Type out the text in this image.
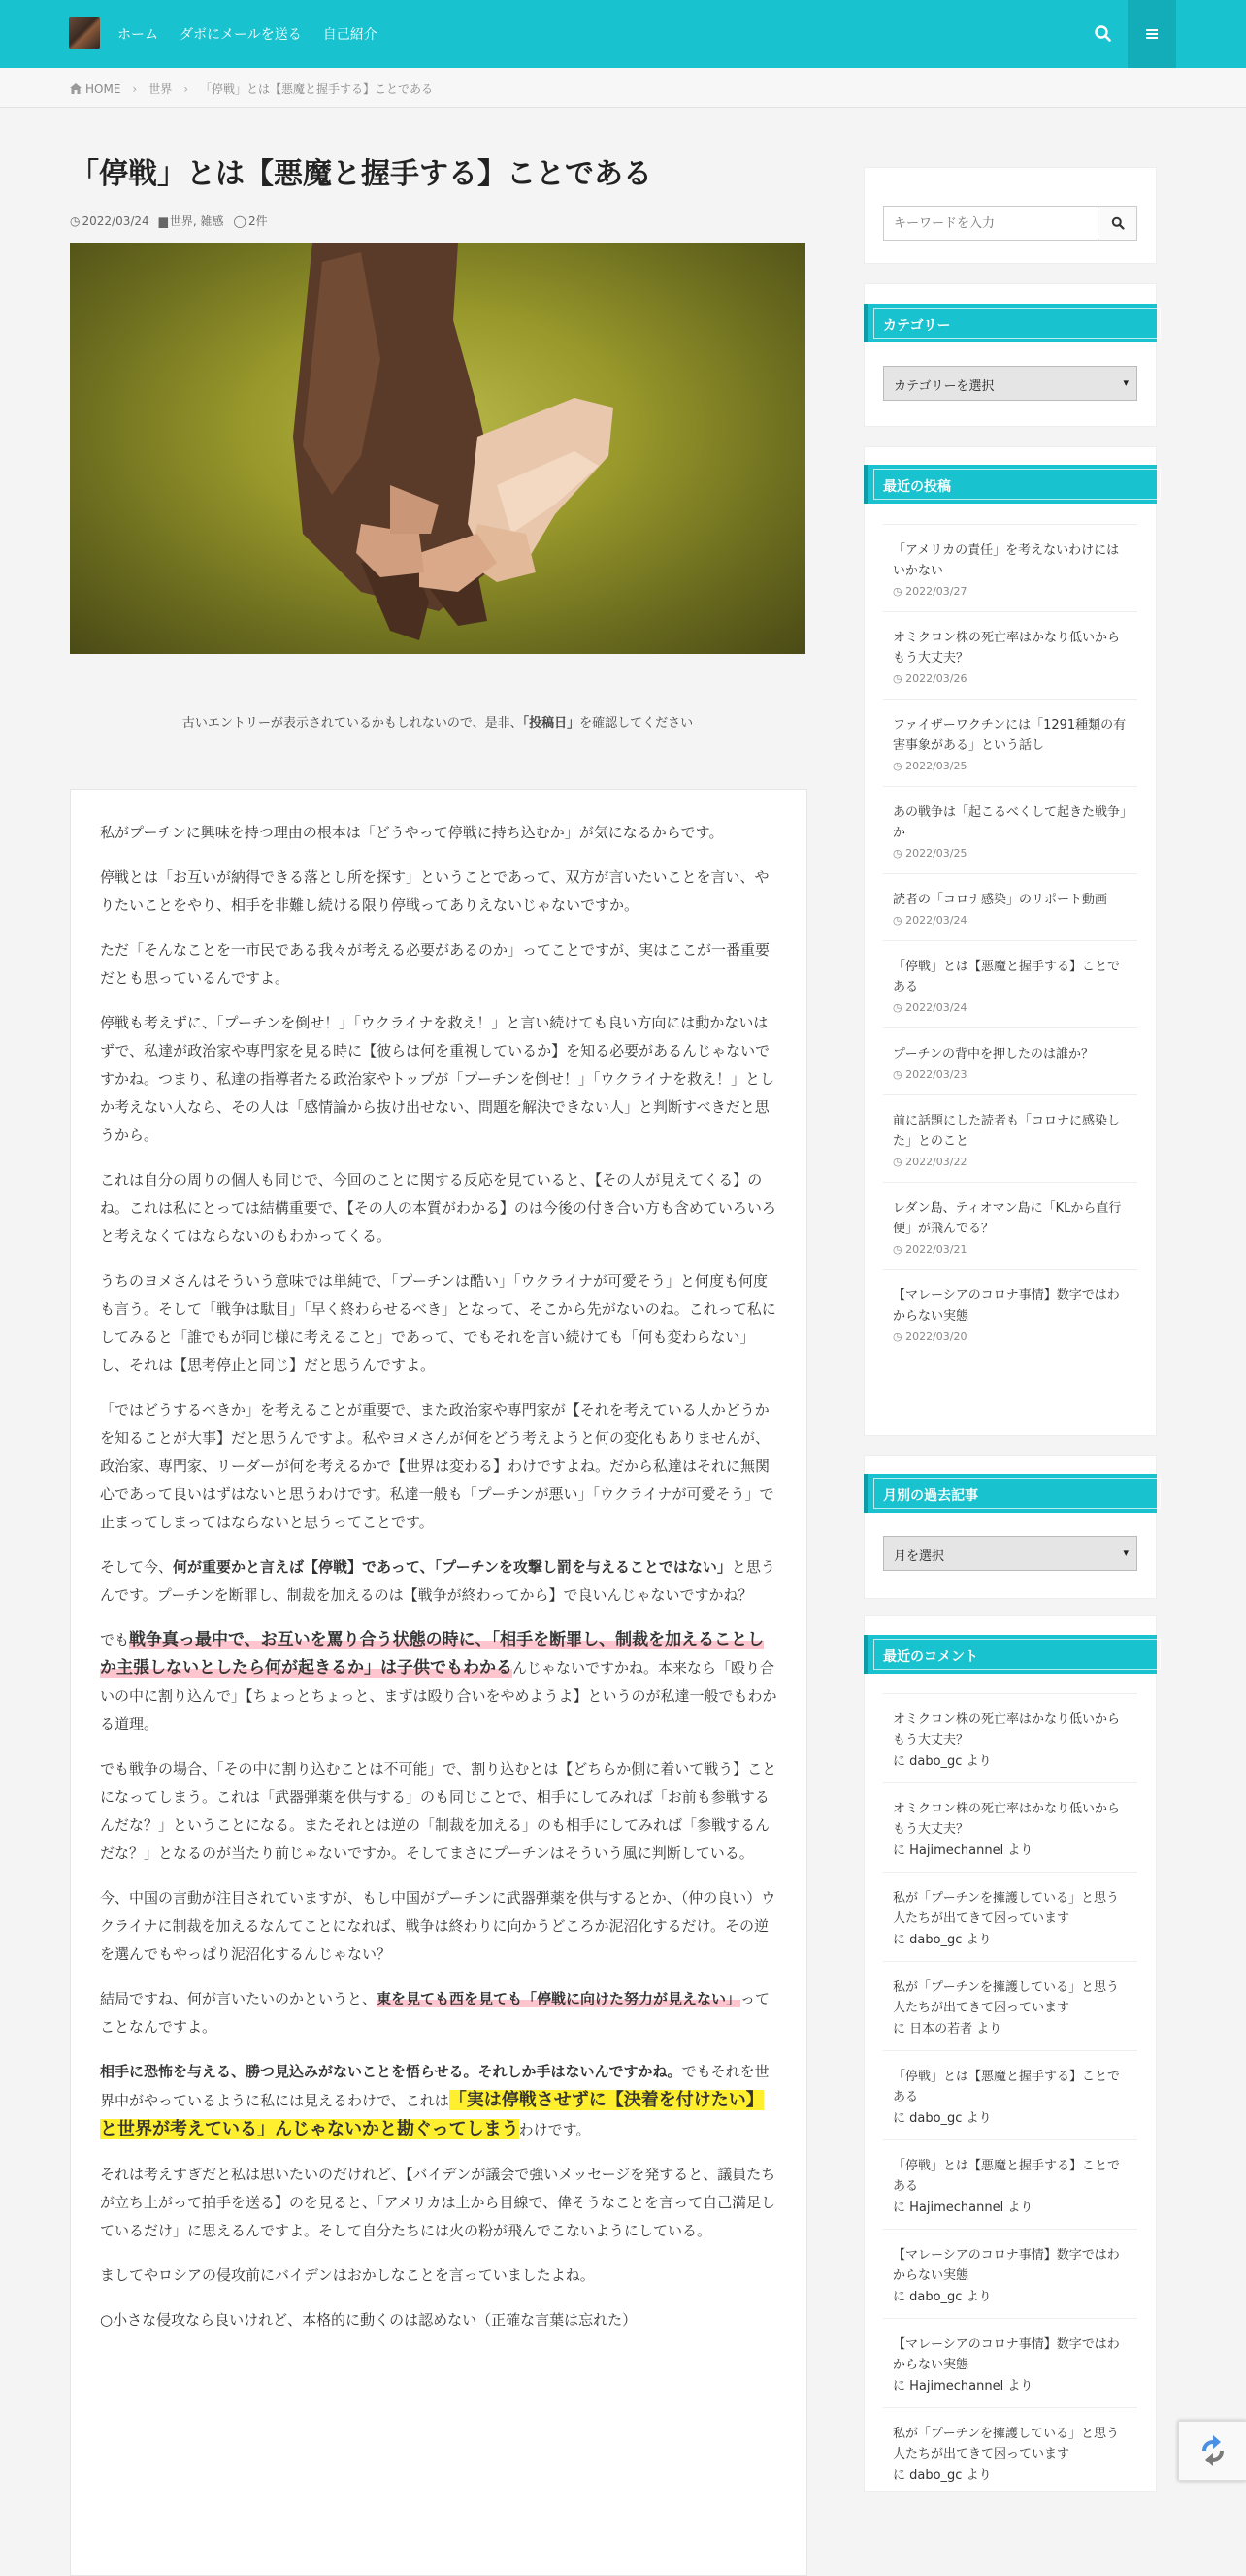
ホーム ダボにメールを送る 自己紹介
HOME › 世界 › 「停戦」とは【悪魔と握手する】ことである
「停戦」とは【悪魔と握手する】ことである
◷ 2022/03/24 ▆ 世界, 雑感 ◯ 2件
古いエントリーが表示されているかもしれないので、是非、「投稿日」を確認してください

私がプーチンに興味を持つ理由の根本は「どうやって停戦に持ち込むか」が気になるからです。

停戦とは「お互いが納得できる落とし所を探す」ということであって、双方が言いたいことを言い、やりたいことをやり、相手を非難し続ける限り停戦ってありえないじゃないですか。

ただ「そんなことを一市民である我々が考える必要があるのか」ってことですが、実はここが一番重要だとも思っているんですよ。

停戦も考えずに、「プーチンを倒せ！」「ウクライナを救え！」と言い続けても良い方向には動かないはずで、私達が政治家や専門家を見る時に【彼らは何を重視しているか】を知る必要があるんじゃないですかね。つまり、私達の指導者たる政治家やトップが「プーチンを倒せ！」「ウクライナを救え！」としか考えない人なら、その人は「感情論から抜け出せない、問題を解決できない人」と判断すべきだと思うから。

これは自分の周りの個人も同じで、今回のことに関する反応を見ていると、【その人が見えてくる】のね。これは私にとっては結構重要で、【その人の本質がわかる】のは今後の付き合い方も含めていろいろと考えなくてはならないのもわかってくる。

うちのヨメさんはそういう意味では単純で、「プーチンは酷い」「ウクライナが可愛そう」と何度も何度も言う。そして「戦争は駄目」「早く終わらせるべき」となって、そこから先がないのね。これって私にしてみると「誰でもが同じ様に考えること」であって、でもそれを言い続けても「何も変わらない」し、それは【思考停止と同じ】だと思うんですよ。

「ではどうするべきか」を考えることが重要で、また政治家や専門家が【それを考えている人かどうかを知ることが大事】だと思うんですよ。私やヨメさんが何をどう考えようと何の変化もありませんが、政治家、専門家、リーダーが何を考えるかで【世界は変わる】わけですよね。だから私達はそれに無関心であって良いはずはないと思うわけです。私達一般も「プーチンが悪い」「ウクライナが可愛そう」で止まってしまってはならないと思うってことです。

そして今、何が重要かと言えば【停戦】であって、「プーチンを攻撃し罰を与えることではない」と思うんです。プーチンを断罪し、制裁を加えるのは【戦争が終わってから】で良いんじゃないですかね？

でも戦争真っ最中で、お互いを罵り合う状態の時に、「相手を断罪し、制裁を加えることしか主張しないとしたら何が起きるか」は子供でもわかるんじゃないですかね。本来なら「殴り合いの中に割り込んで」【ちょっとちょっと、まずは殴り合いをやめようよ】というのが私達一般でもわかる道理。

でも戦争の場合、「その中に割り込むことは不可能」で、割り込むとは【どちらか側に着いて戦う】ことになってしまう。これは「武器弾薬を供与する」のも同じことで、相手にしてみれば「お前も参戦するんだな？」ということになる。またそれとは逆の「制裁を加える」のも相手にしてみれば「参戦するんだな？」となるのが当たり前じゃないですか。そしてまさにプーチンはそういう風に判断している。

今、中国の言動が注目されていますが、もし中国がプーチンに武器弾薬を供与するとか、（仲の良い）ウクライナに制裁を加えるなんてことになれば、戦争は終わりに向かうどころか泥沼化するだけ。その逆を選んでもやっぱり泥沼化するんじゃない？

結局ですね、何が言いたいのかというと、東を見ても西を見ても「停戦に向けた努力が見えない」ってことなんですよ。

相手に恐怖を与える、勝つ見込みがないことを悟らせる。それしか手はないんですかね。でもそれを世界中がやっているように私には見えるわけで、これは「実は停戦させずに【決着を付けたい】と世界が考えている」んじゃないかと勘ぐってしまうわけです。

それは考えすぎだと私は思いたいのだけれど、【バイデンが議会で強いメッセージを発すると、議員たちが立ち上がって拍手を送る】のを見ると、「アメリカは上から目線で、偉そうなことを言って自己満足しているだけ」に思えるんですよ。そして自分たちには火の粉が飛んでこないようにしている。

ましてやロシアの侵攻前にバイデンはおかしなことを言っていましたよね。

○小さな侵攻なら良いけれど、本格的に動くのは認めない（正確な言葉は忘れた）

キーワードを入力
カテゴリー
カテゴリーを選択	▾
最近の投稿
「アメリカの責任」を考えないわけにはいかない
◷ 2022/03/27
オミクロン株の死亡率はかなり低いからもう大丈夫？
◷ 2022/03/26
ファイザーワクチンには「1291種類の有害事象がある」という話し
◷ 2022/03/25
あの戦争は「起こるべくして起きた戦争」か
◷ 2022/03/25
読者の「コロナ感染」のリポート動画
◷ 2022/03/24
「停戦」とは【悪魔と握手する】ことである
◷ 2022/03/24
プーチンの背中を押したのは誰か？
◷ 2022/03/23
前に話題にした読者も「コロナに感染した」とのこと
◷ 2022/03/22
レダン島、ティオマン島に「KLから直行便」が飛んでる？
◷ 2022/03/21
【マレーシアのコロナ事情】数字ではわからない実態
◷ 2022/03/20
月別の過去記事
月を選択	▾
最近のコメント
オミクロン株の死亡率はかなり低いからもう大丈夫？
に dabo_gc より
オミクロン株の死亡率はかなり低いからもう大丈夫？
に Hajimechannel より
私が「プーチンを擁護している」と思う人たちが出てきて困っています
に dabo_gc より
私が「プーチンを擁護している」と思う人たちが出てきて困っています
に 日本の若者 より
「停戦」とは【悪魔と握手する】ことである
に dabo_gc より
「停戦」とは【悪魔と握手する】ことである
に Hajimechannel より
【マレーシアのコロナ事情】数字ではわからない実態
に dabo_gc より
【マレーシアのコロナ事情】数字ではわからない実態
に Hajimechannel より
私が「プーチンを擁護している」と思う人たちが出てきて困っています
に dabo_gc より
